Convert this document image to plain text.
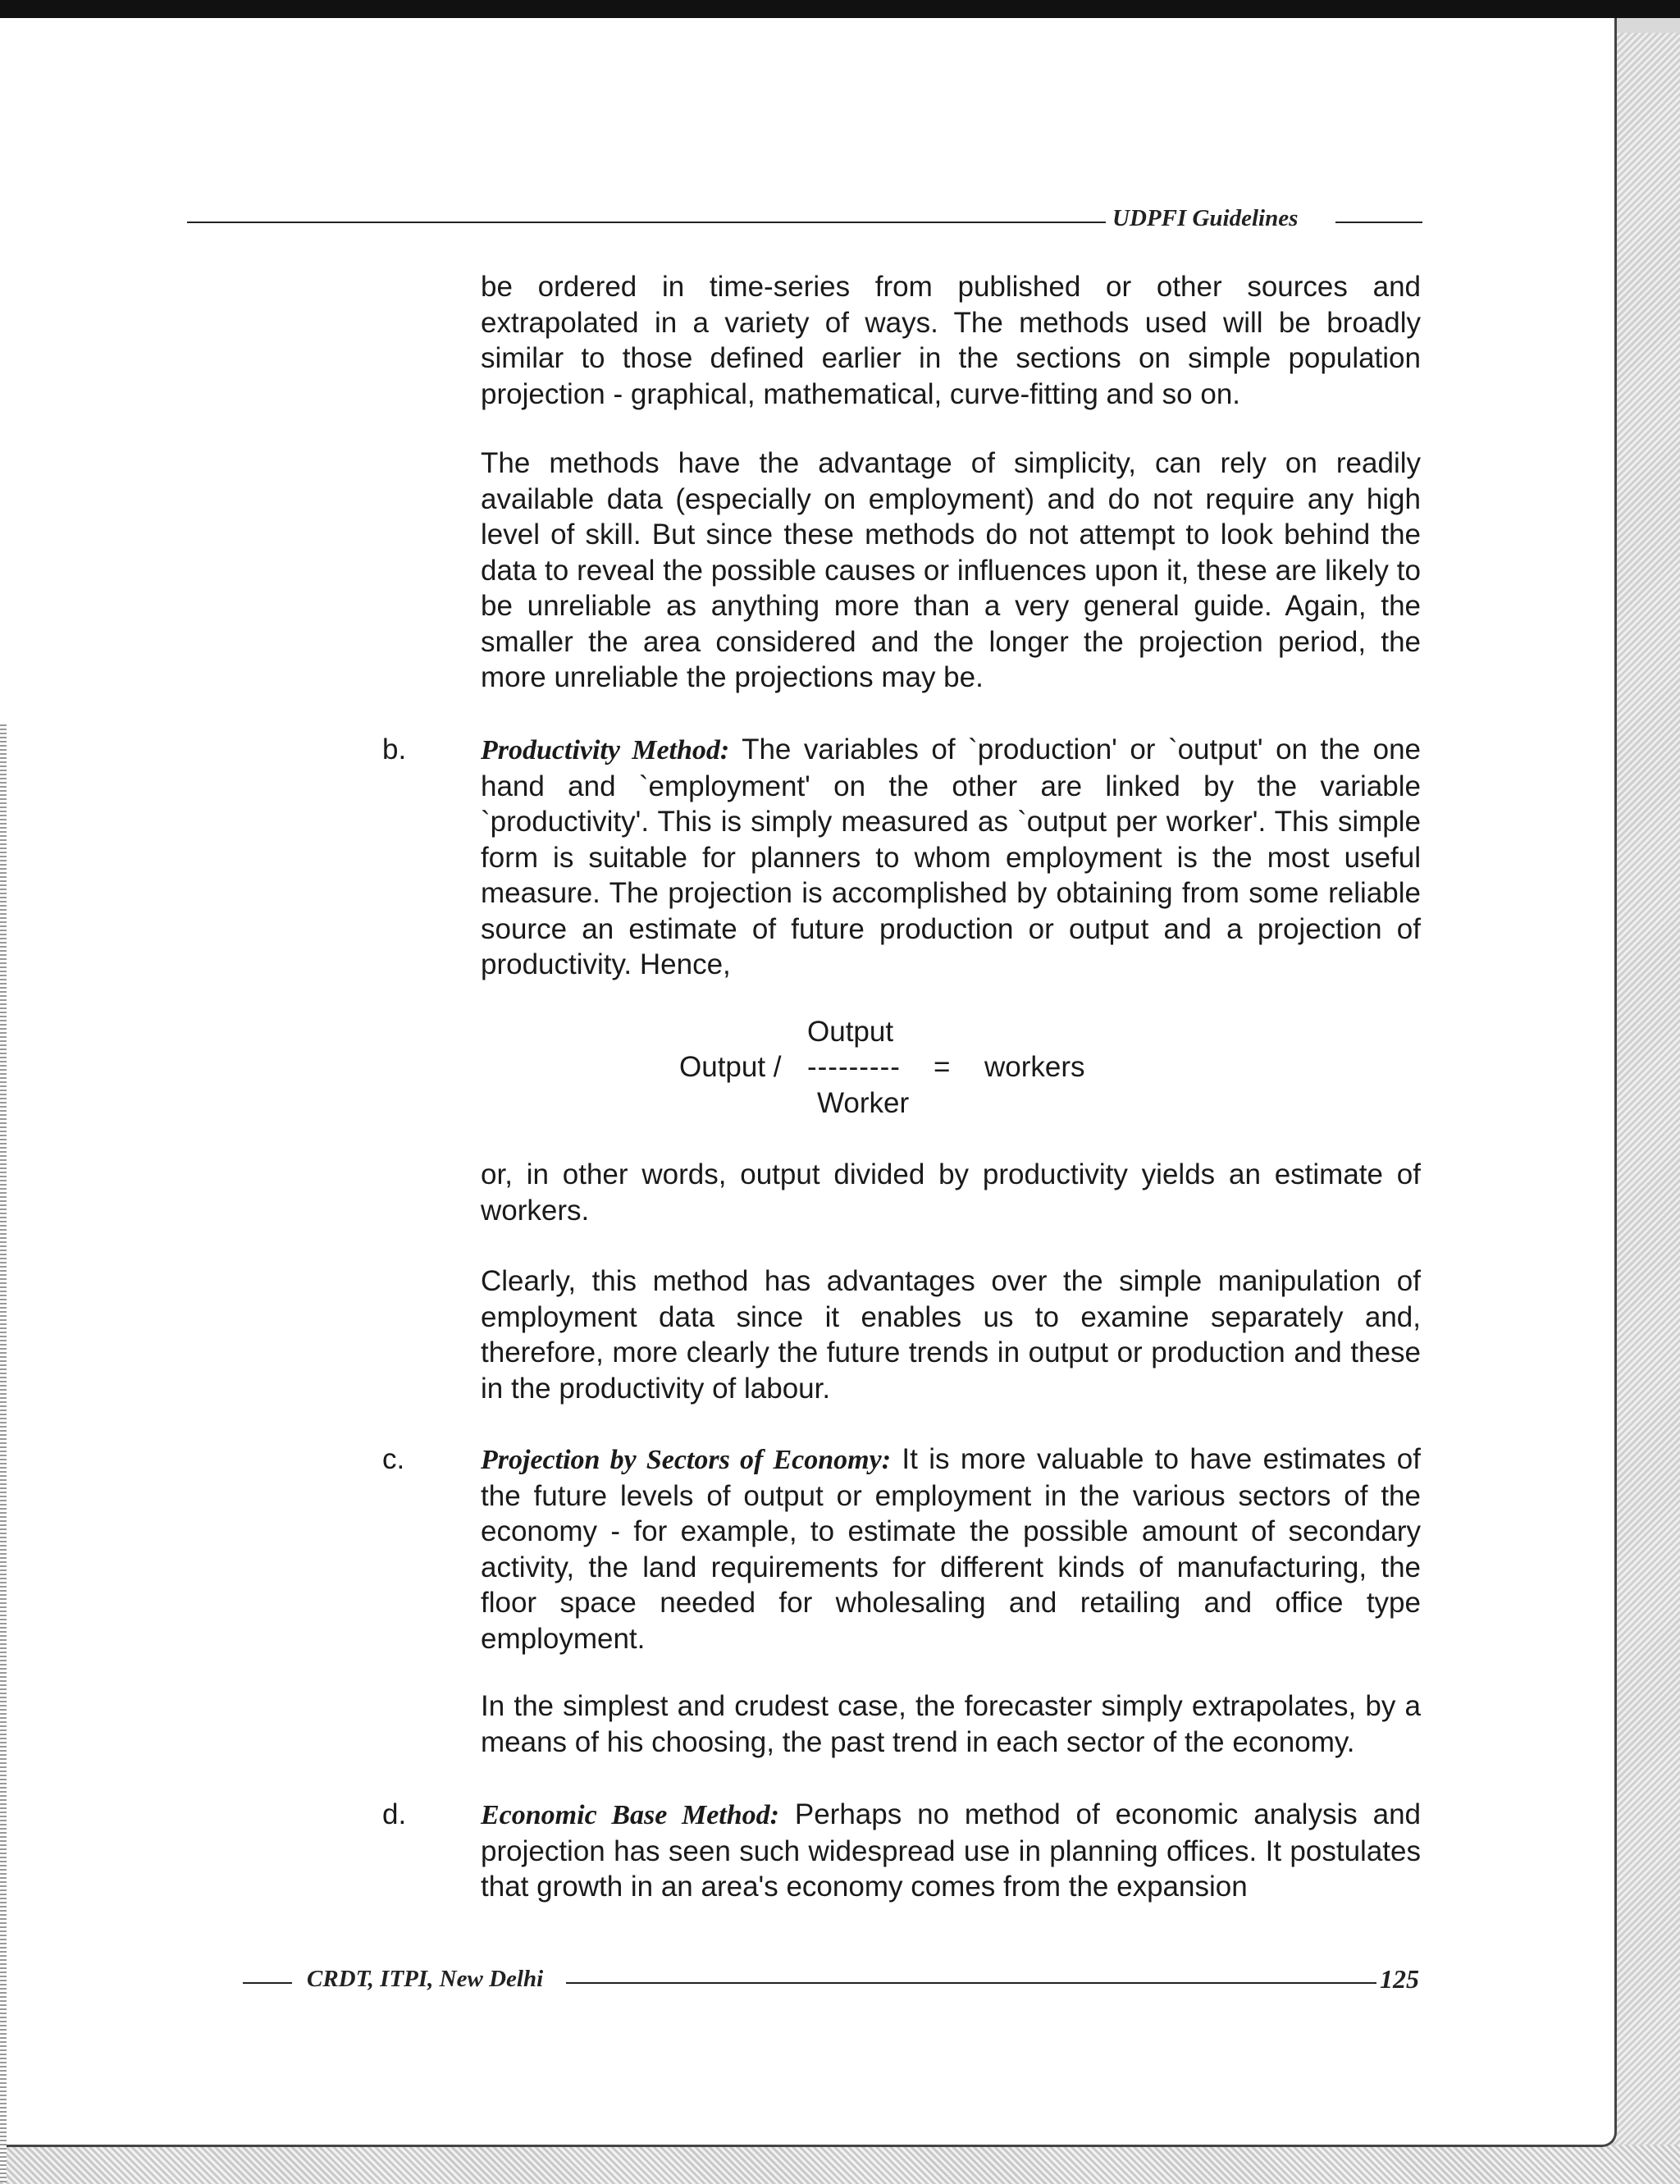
UDPFI Guidelines
be ordered in time-series from published or other sources and extrapolated in a variety of ways. The methods used will be broadly similar to those defined earlier in the sections on simple population projection - graphical, mathematical, curve-fitting and so on.
The methods have the advantage of simplicity, can rely on readily available data (especially on employment) and do not require any high level of skill. But since these methods do not attempt to look behind the data to reveal the possible causes or influences upon it, these are likely to be unreliable as anything more than a very general guide. Again, the smaller the area considered and the longer the projection period, the more unreliable the projections may be.
b.	Productivity Method: The variables of `production' or `output' on the one hand and `employment' on the other are linked by the variable `productivity'. This is simply measured as `output per worker'. This simple form is suitable for planners to whom employment is the most useful measure. The projection is accomplished by obtaining from some reliable source an estimate of future production or output and a projection of productivity. Hence,
Output
Output / --------- = workers
Worker
or, in other words, output divided by productivity yields an estimate of workers.
Clearly, this method has advantages over the simple manipulation of employment data since it enables us to examine separately and, therefore, more clearly the future trends in output or production and these in the productivity of labour.
c.	Projection by Sectors of Economy: It is more valuable to have estimates of the future levels of output or employment in the various sectors of the economy - for example, to estimate the possible amount of secondary activity, the land requirements for different kinds of manufacturing, the floor space needed for wholesaling and retailing and office type employment.
In the simplest and crudest case, the forecaster simply extrapolates, by a means of his choosing, the past trend in each sector of the economy.
d.	Economic Base Method: Perhaps no method of economic analysis and projection has seen such widespread use in planning offices. It postulates that growth in an area's economy comes from the expansion
CRDT, ITPI, New Delhi	125
